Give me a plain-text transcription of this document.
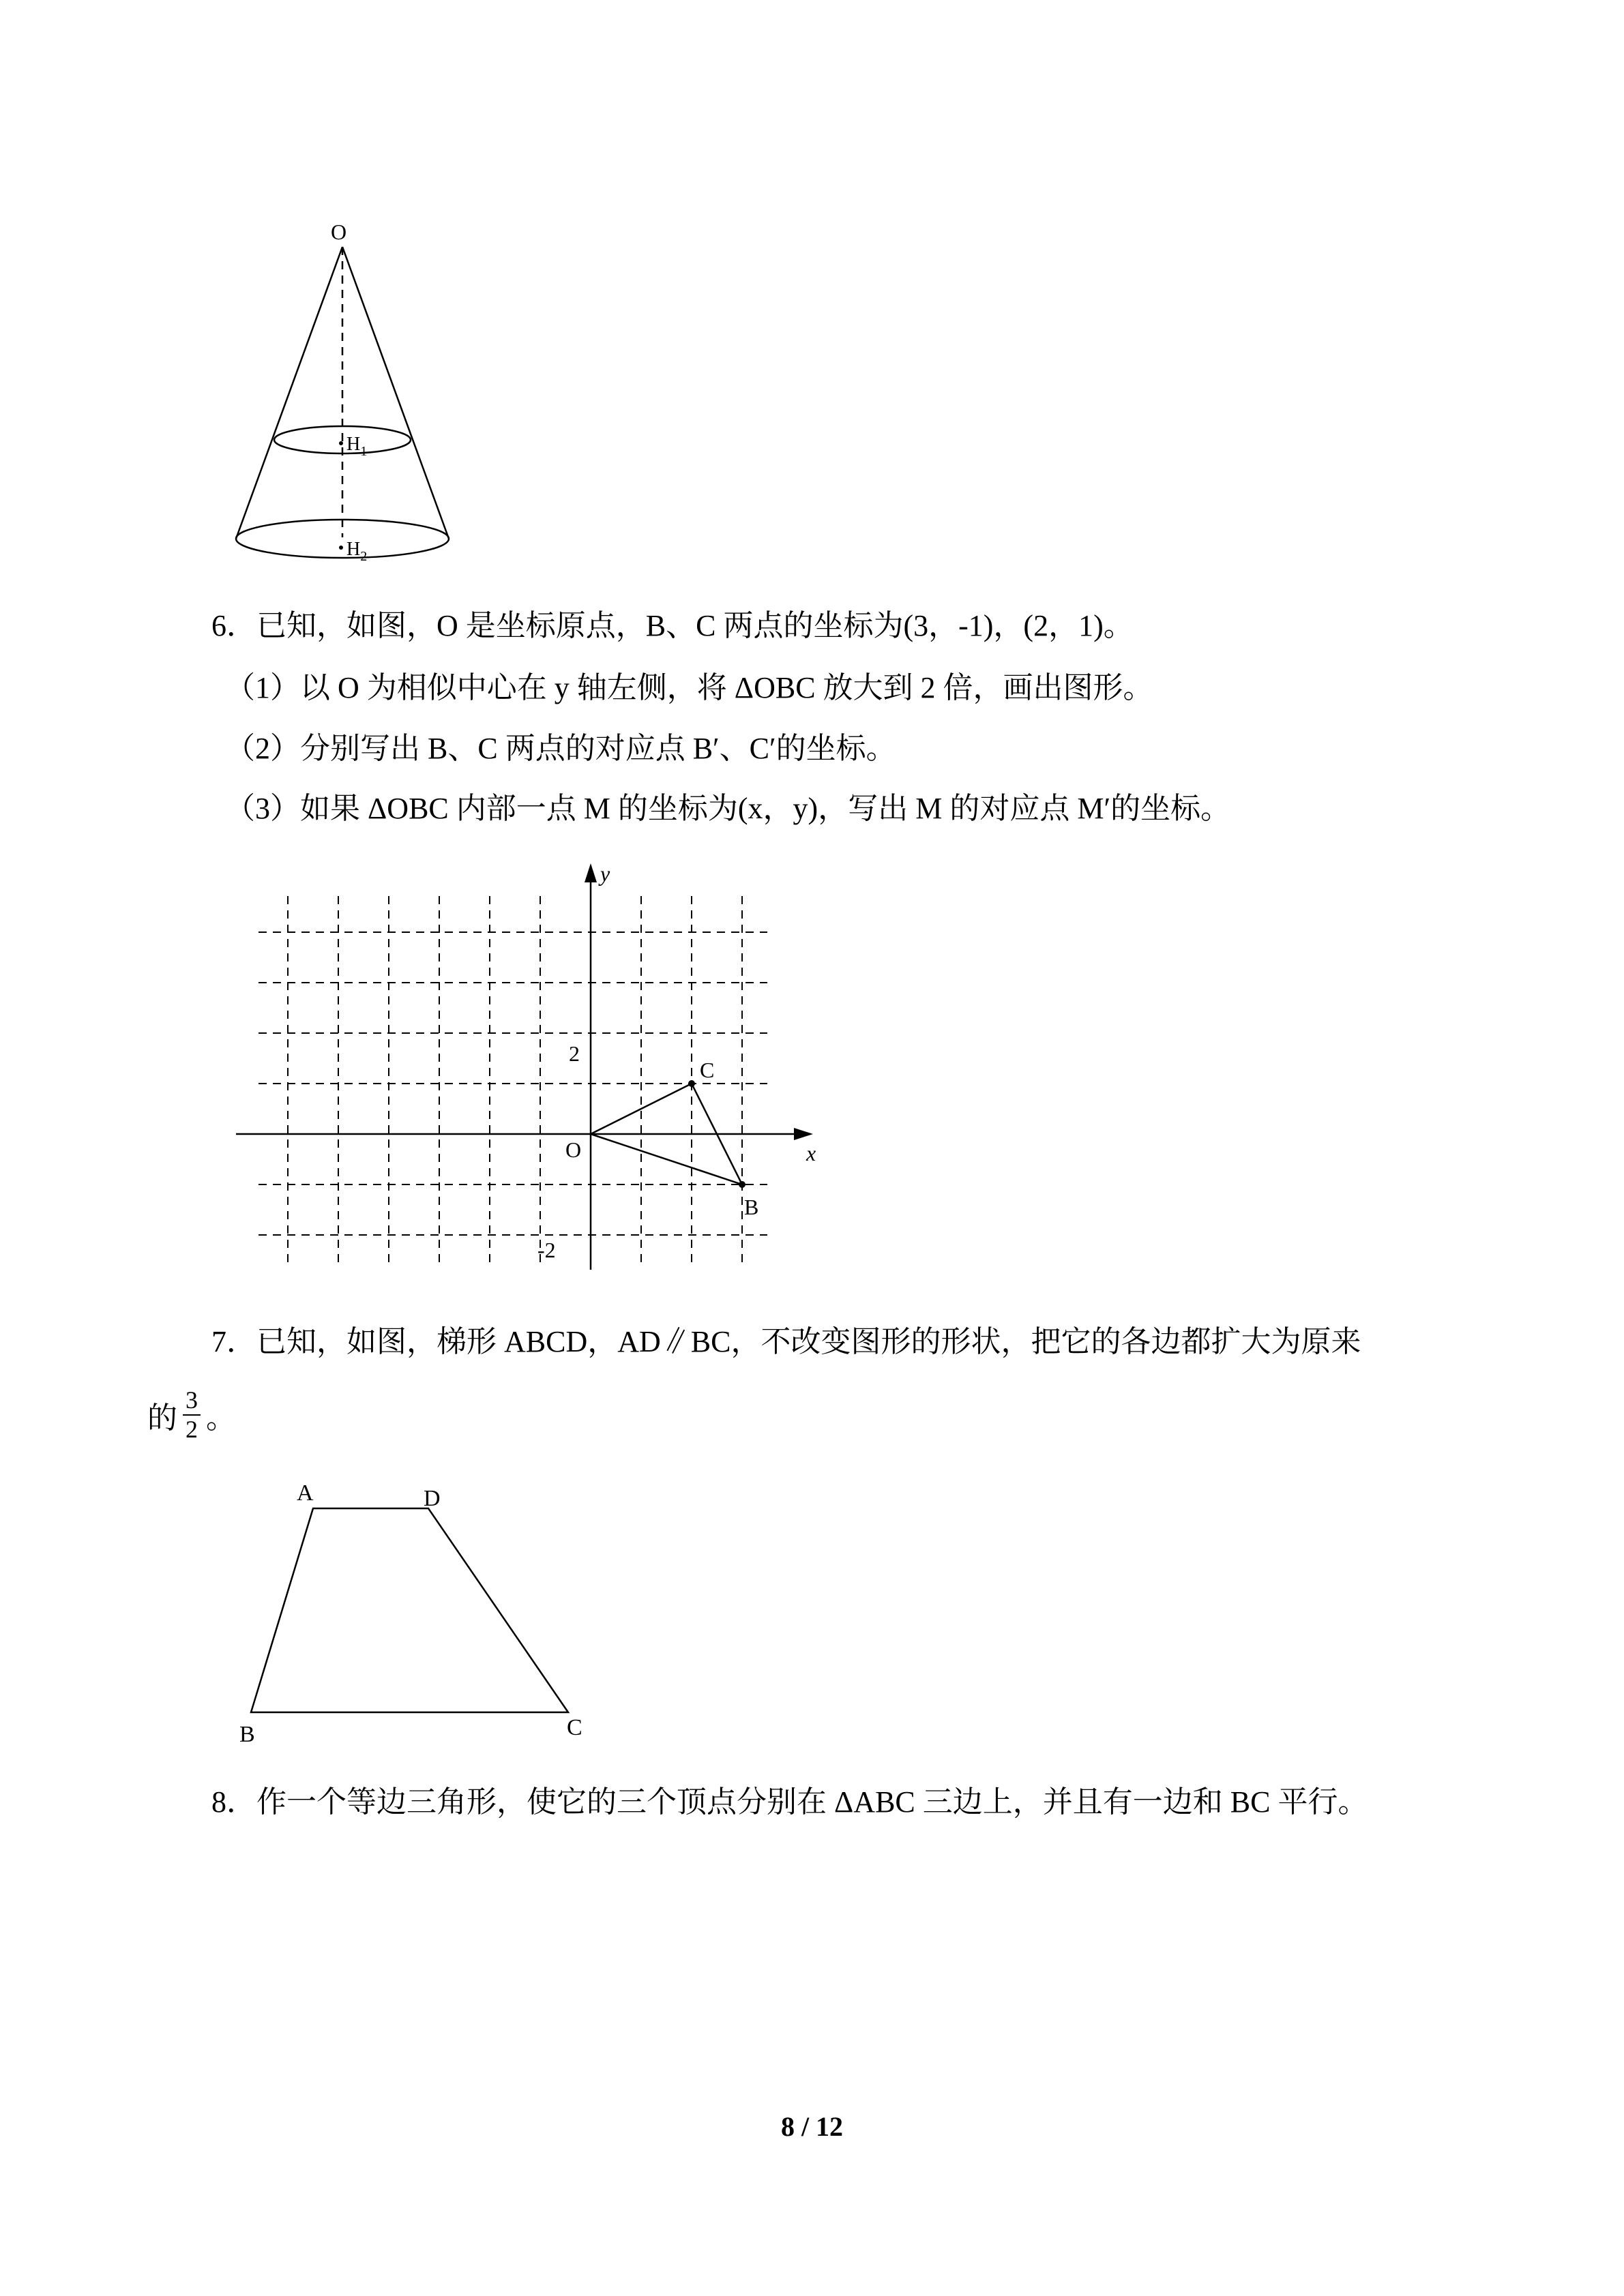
O
$H_1$
$H_2$
6．已知，如图，O 是坐标原点，B、C 两点的坐标为(3，-1)，(2，1)。
（1）以 O 为相似中心在 y 轴左侧，将 ΔOBC 放大到 2 倍，画出图形。
（2）分别写出 B、C 两点的对应点 B′、C′的坐标。
（3）如果 ΔOBC 内部一点 M 的坐标为(x，y)，写出 M 的对应点 M′的坐标。
y
x
O
2
-2
C
B
7．已知，如图，梯形 ABCD，AD∥BC，不改变图形的形状，把它的各边都扩大为原来
的 $\frac{3}{2}$ 。
A	D
B	C
8．作一个等边三角形，使它的三个顶点分别在 ΔABC 三边上，并且有一边和 BC 平行。
8 / 12
